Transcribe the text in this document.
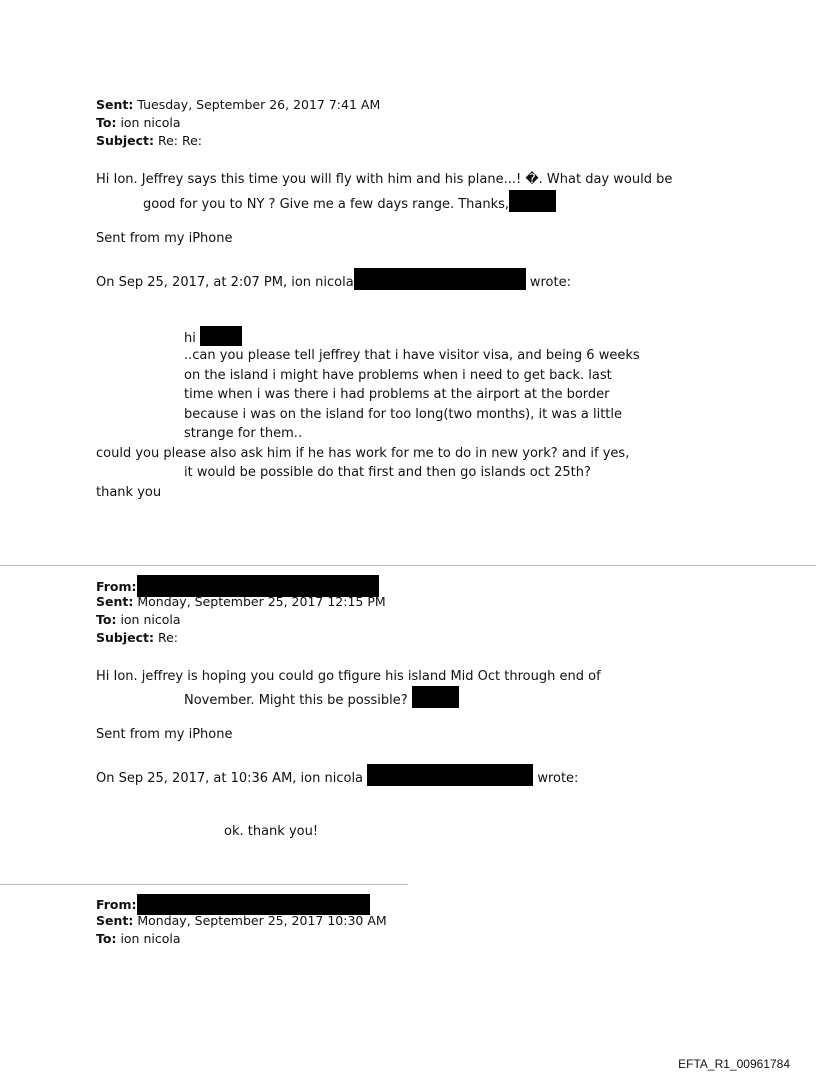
Sent: Tuesday, September 26, 2017 7:41 AM
To: ion nicola
Subject: Re: Re:
Hi Ion. Jeffrey says this time you will fly with him and his plane...! �. What day would be
good for you to NY ? Give me a few days range. Thanks,
Sent from my iPhone
On Sep 25, 2017, at 2:07 PM, ion nicola	wrote:
hi
..can you please tell jeffrey that i have visitor visa, and being 6 weeks
on the island i might have problems when i need to get back. last
time when i was there i had problems at the airport at the border
because i was on the island for too long(two months), it was a little
strange for them..
could you please also ask him if he has work for me to do in new york? and if yes,
it would be possible do that first and then go islands oct 25th?
thank you
From:
Sent: Monday, September 25, 2017 12:15 PM
To: ion nicola
Subject: Re:
Hi Ion. jeffrey is hoping you could go tfigure his island Mid Oct through end of
November. Might this be possible?
Sent from my iPhone
On Sep 25, 2017, at 10:36 AM, ion nicola	wrote:
ok. thank you!
From:
Sent: Monday, September 25, 2017 10:30 AM
To: ion nicola
EFTA_R1_00961784
